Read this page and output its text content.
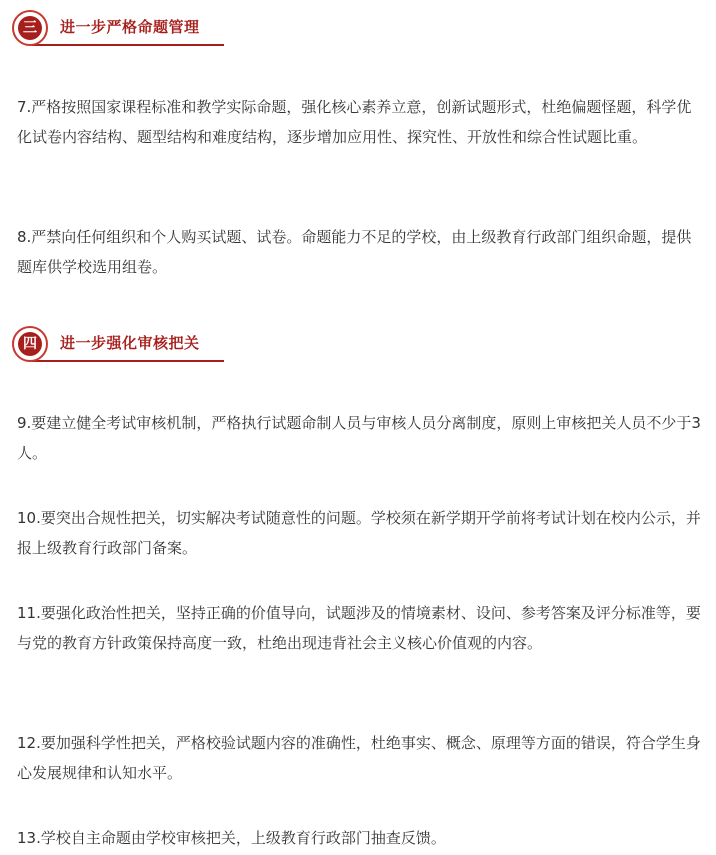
三	进一步严格命题管理

7.严格按照国家课程标准和教学实际命题，强化核心素养立意，创新试题形式，杜绝偏题怪题，科学优化试卷内容结构、题型结构和难度结构，逐步增加应用性、探究性、开放性和综合性试题比重。

8.严禁向任何组织和个人购买试题、试卷。命题能力不足的学校，由上级教育行政部门组织命题，提供题库供学校选用组卷。

四	进一步强化审核把关

9.要建立健全考试审核机制，严格执行试题命制人员与审核人员分离制度，原则上审核把关人员不少于3人。

10.要突出合规性把关，切实解决考试随意性的问题。学校须在新学期开学前将考试计划在校内公示，并报上级教育行政部门备案。

11.要强化政治性把关，坚持正确的价值导向，试题涉及的情境素材、设问、参考答案及评分标准等，要与党的教育方针政策保持高度一致，杜绝出现违背社会主义核心价值观的内容。

12.要加强科学性把关，严格校验试题内容的准确性，杜绝事实、概念、原理等方面的错误，符合学生身心发展规律和认知水平。

13.学校自主命题由学校审核把关，上级教育行政部门抽查反馈。
